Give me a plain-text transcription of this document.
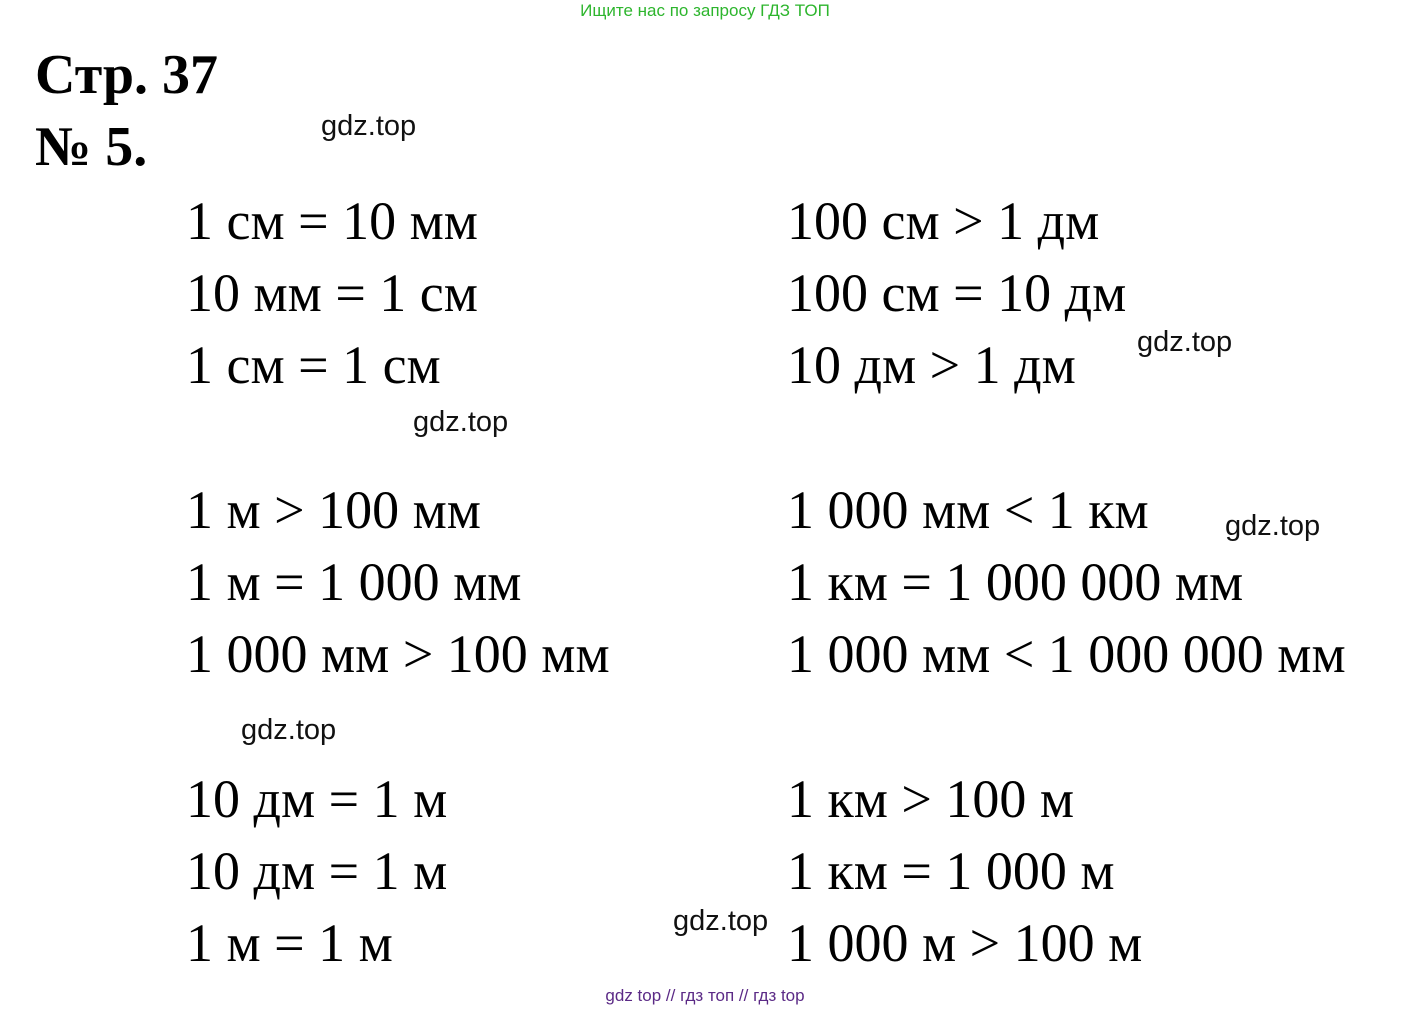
Ищите нас по запросу ГДЗ ТОП
Стр. 37
№ 5.	gdz.top
gdz.top
gdz.top
gdz.top
gdz.top
gdz.top
1 см = 10 мм
10 мм = 1 см
1 см = 1 см
1 м > 100 мм
1 м = 1 000 мм
1 000 мм > 100 мм
10 дм = 1 м
10 дм = 1 м
1 м = 1 м
100 см > 1 дм
100 см = 10 дм
10 дм > 1 дм
1 000 мм < 1 км
1 км = 1 000 000 мм
1 000 мм < 1 000 000 мм
1 км > 100 м
1 км = 1 000 м
1 000 м > 100 м
gdz top // гдз топ // гдз top
